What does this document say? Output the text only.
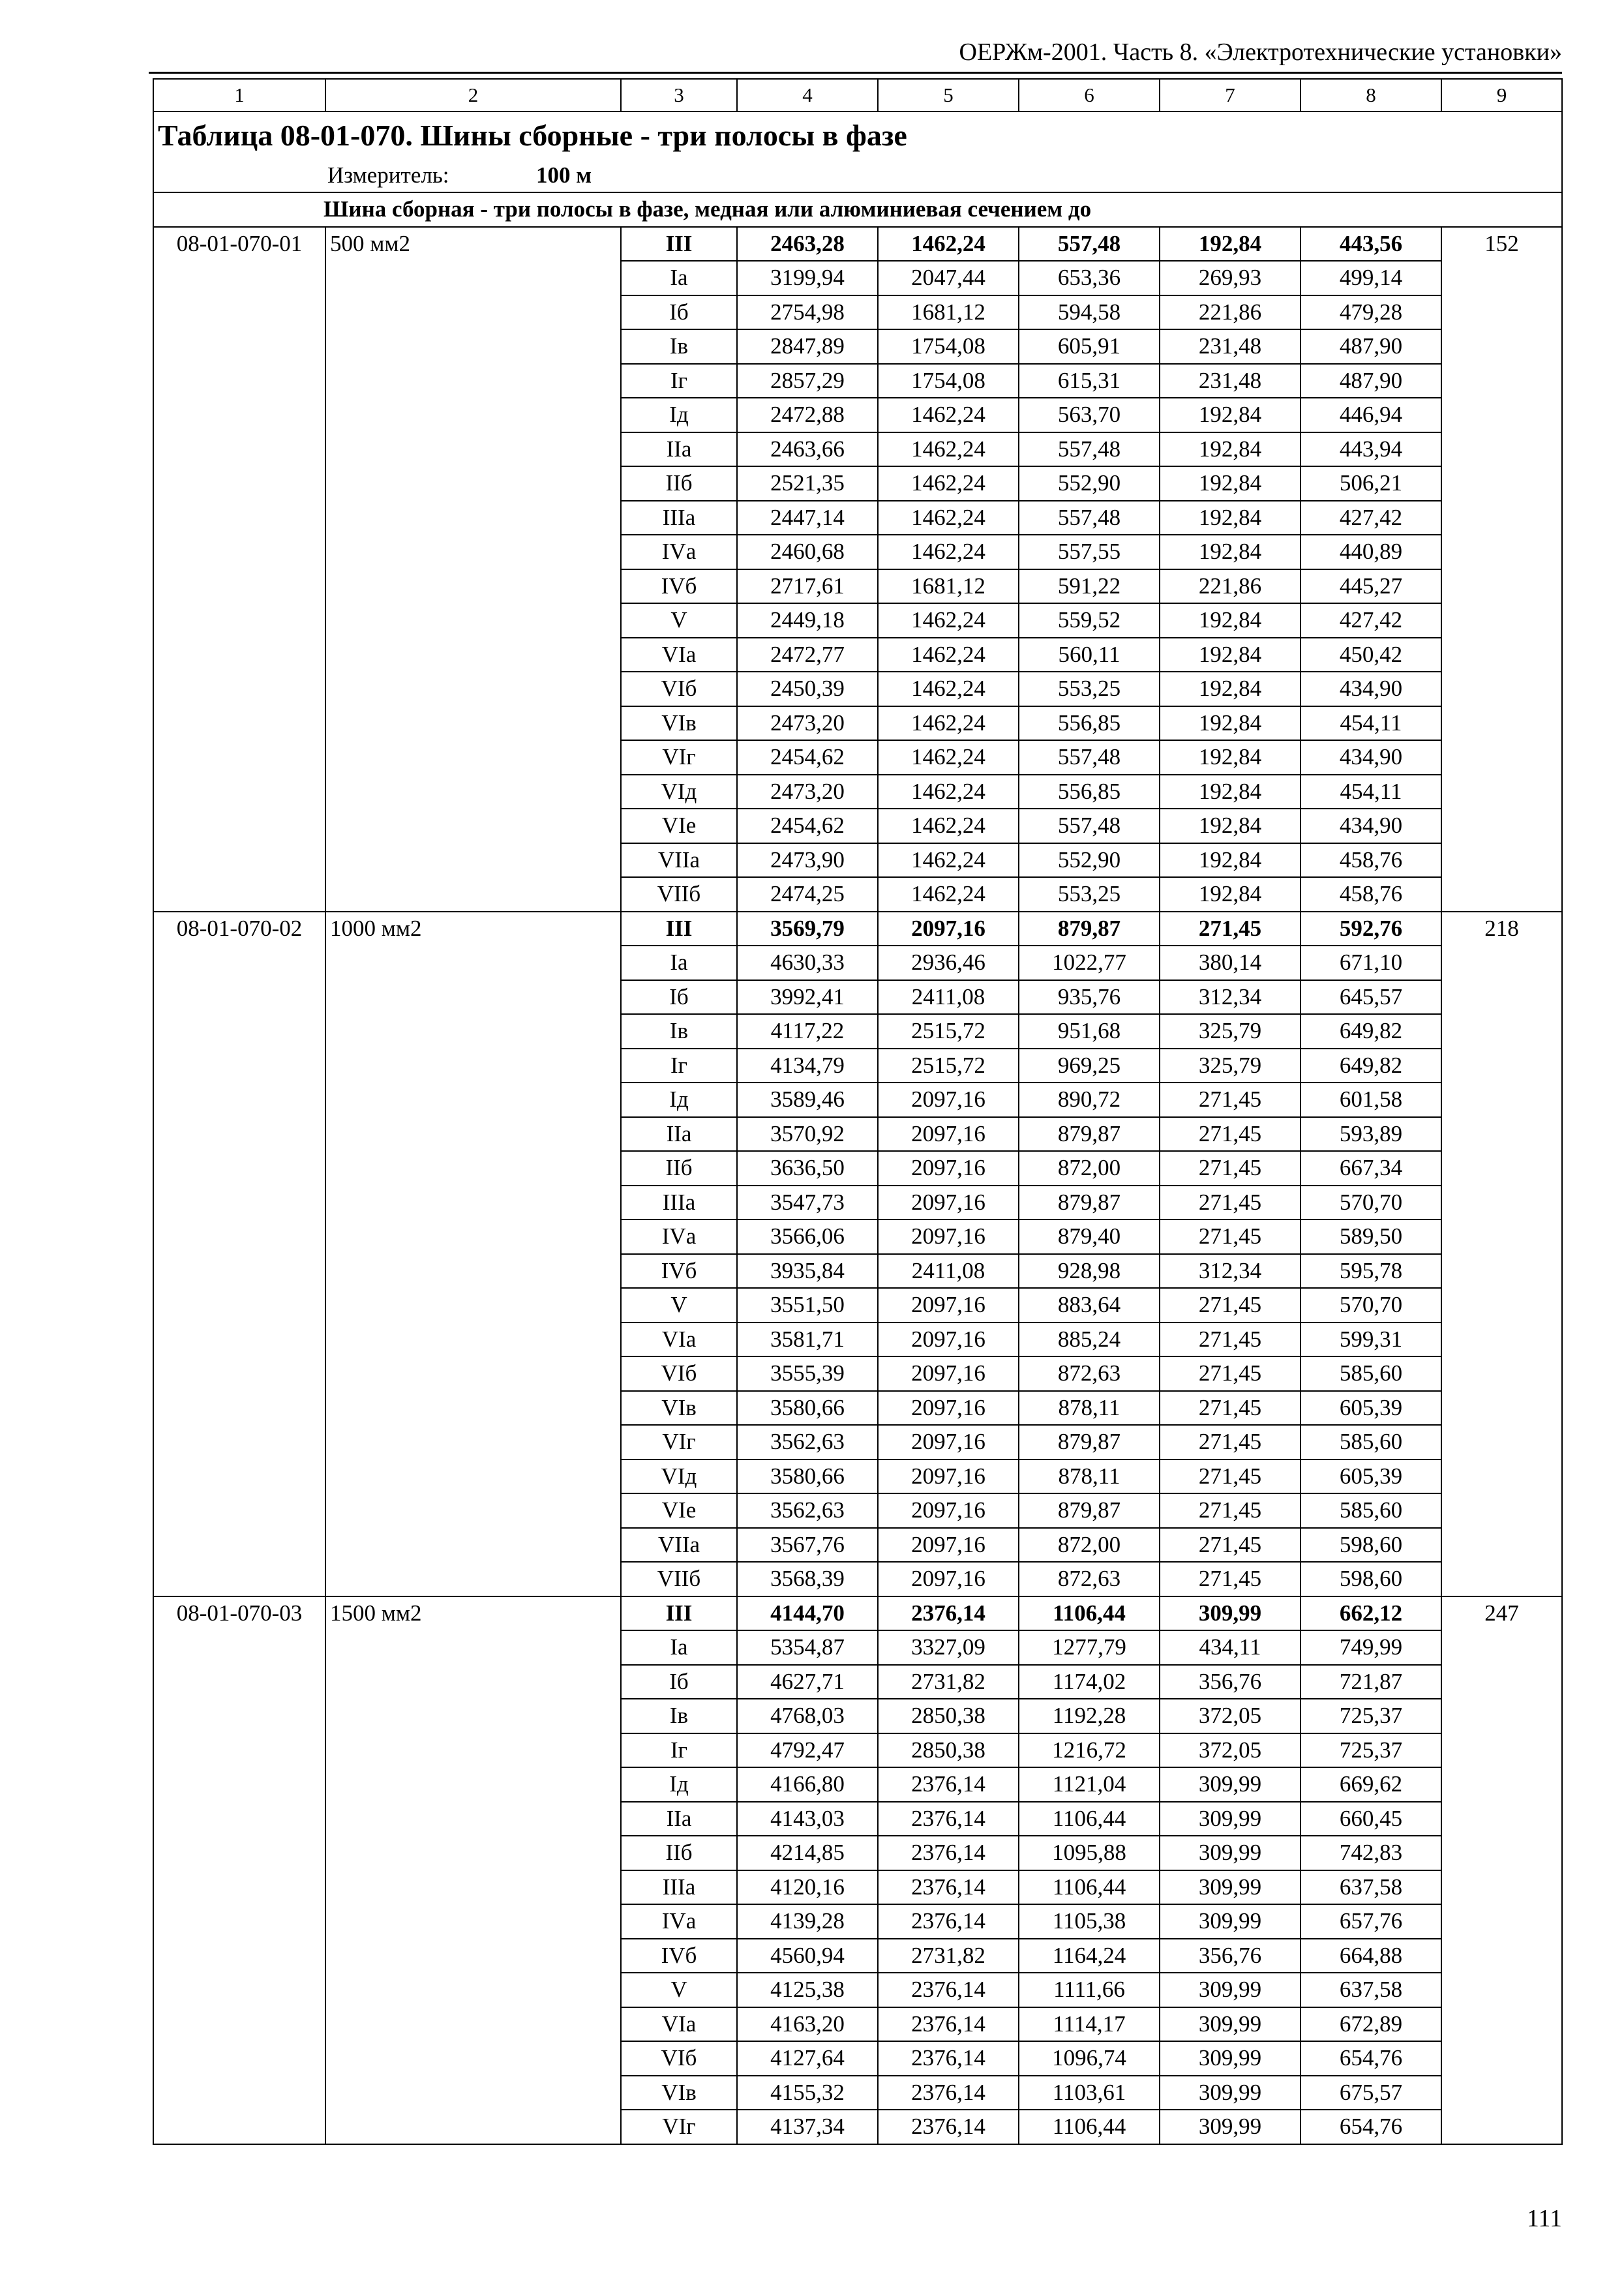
ОЕРЖм-2001. Часть 8. «Электротехнические установки»
1	2	3	4	5	6	7	8	9
Таблица 08-01-070. Шины сборные - три полосы в фазе								
Измеритель: 100 м								
Шина сборная - три полосы в фазе, медная или алюминиевая сечением до								
08-01-070-01	500 мм2	III	2463,28	1462,24	557,48	192,84	443,56	152
		Iа	3199,94	2047,44	653,36	269,93	499,14	
		Iб	2754,98	1681,12	594,58	221,86	479,28	
		Iв	2847,89	1754,08	605,91	231,48	487,90	
		Iг	2857,29	1754,08	615,31	231,48	487,90	
		Iд	2472,88	1462,24	563,70	192,84	446,94	
		IIа	2463,66	1462,24	557,48	192,84	443,94	
		IIб	2521,35	1462,24	552,90	192,84	506,21	
		IIIа	2447,14	1462,24	557,48	192,84	427,42	
		IVа	2460,68	1462,24	557,55	192,84	440,89	
		IVб	2717,61	1681,12	591,22	221,86	445,27	
		V	2449,18	1462,24	559,52	192,84	427,42	
		VIа	2472,77	1462,24	560,11	192,84	450,42	
		VIб	2450,39	1462,24	553,25	192,84	434,90	
		VIв	2473,20	1462,24	556,85	192,84	454,11	
		VIг	2454,62	1462,24	557,48	192,84	434,90	
		VIд	2473,20	1462,24	556,85	192,84	454,11	
		VIе	2454,62	1462,24	557,48	192,84	434,90	
		VIIа	2473,90	1462,24	552,90	192,84	458,76	
		VIIб	2474,25	1462,24	553,25	192,84	458,76	
08-01-070-02	1000 мм2	III	3569,79	2097,16	879,87	271,45	592,76	218
		Iа	4630,33	2936,46	1022,77	380,14	671,10	
		Iб	3992,41	2411,08	935,76	312,34	645,57	
		Iв	4117,22	2515,72	951,68	325,79	649,82	
		Iг	4134,79	2515,72	969,25	325,79	649,82	
		Iд	3589,46	2097,16	890,72	271,45	601,58	
		IIа	3570,92	2097,16	879,87	271,45	593,89	
		IIб	3636,50	2097,16	872,00	271,45	667,34	
		IIIа	3547,73	2097,16	879,87	271,45	570,70	
		IVа	3566,06	2097,16	879,40	271,45	589,50	
		IVб	3935,84	2411,08	928,98	312,34	595,78	
		V	3551,50	2097,16	883,64	271,45	570,70	
		VIа	3581,71	2097,16	885,24	271,45	599,31	
		VIб	3555,39	2097,16	872,63	271,45	585,60	
		VIв	3580,66	2097,16	878,11	271,45	605,39	
		VIг	3562,63	2097,16	879,87	271,45	585,60	
		VIд	3580,66	2097,16	878,11	271,45	605,39	
		VIе	3562,63	2097,16	879,87	271,45	585,60	
		VIIа	3567,76	2097,16	872,00	271,45	598,60	
		VIIб	3568,39	2097,16	872,63	271,45	598,60	
08-01-070-03	1500 мм2	III	4144,70	2376,14	1106,44	309,99	662,12	247
		Iа	5354,87	3327,09	1277,79	434,11	749,99	
		Iб	4627,71	2731,82	1174,02	356,76	721,87	
		Iв	4768,03	2850,38	1192,28	372,05	725,37	
		Iг	4792,47	2850,38	1216,72	372,05	725,37	
		Iд	4166,80	2376,14	1121,04	309,99	669,62	
		IIа	4143,03	2376,14	1106,44	309,99	660,45	
		IIб	4214,85	2376,14	1095,88	309,99	742,83	
		IIIа	4120,16	2376,14	1106,44	309,99	637,58	
		IVа	4139,28	2376,14	1105,38	309,99	657,76	
		IVб	4560,94	2731,82	1164,24	356,76	664,88	
		V	4125,38	2376,14	1111,66	309,99	637,58	
		VIа	4163,20	2376,14	1114,17	309,99	672,89	
		VIб	4127,64	2376,14	1096,74	309,99	654,76	
		VIв	4155,32	2376,14	1103,61	309,99	675,57	
		VIг	4137,34	2376,14	1106,44	309,99	654,76	
111
